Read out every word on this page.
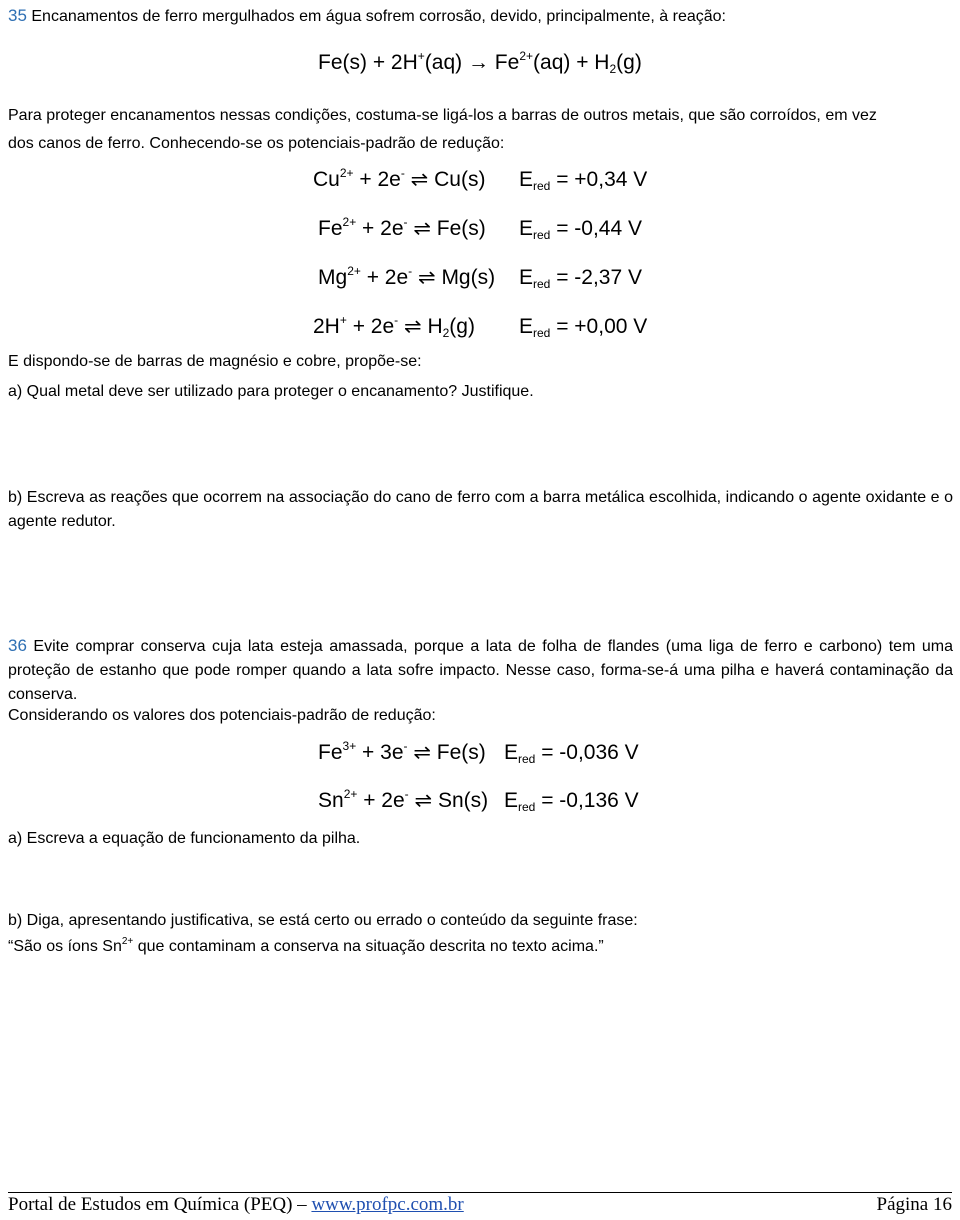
35 Encanamentos de ferro mergulhados em água sofrem corrosão, devido, principalmente, à reação:
$Fe(s) + 2H^+(aq) \to Fe^{2+}(aq) + H_2(g)$
Para proteger encanamentos nessas condições, costuma-se ligá-los a barras de outros metais, que são corroídos, em vez
dos canos de ferro. Conhecendo-se os potenciais-padrão de redução:
$Cu^{2+} + 2e^-$ ⇌ Cu(s) $E_{red} = +0,34$ V
$Fe^{2+} + 2e^-$ ⇌ Fe(s) $E_{red} = -0,44$ V
$Mg^{2+} + 2e^-$ ⇌ Mg(s) $E_{red} = -2,37$ V
2H+ + 2e- ⇌ $H_2(g) E_{red} = +0,00$ V
E dispondo-se de barras de magnésio e cobre, propõe-se:
a) Qual metal deve ser utilizado para proteger o encanamento? Justifique.
b) Escreva as reações que ocorrem na associação do cano de ferro com a barra metálica escolhida, indicando o agente oxidante e o agente redutor.
36 Evite comprar conserva cuja lata esteja amassada, porque a lata de folha de flandes (uma liga de ferro e carbono) tem uma proteção de estanho que pode romper quando a lata sofre impacto. Nesse caso, forma-se-á uma pilha e haverá contaminação da conserva.
Considerando os valores dos potenciais-padrão de redução:
$Fe^{3+} + 3e^-$ ⇌ Fe(s) $E_{red} = -0,036$ V
$Sn^{2+} + 2e^-$ ⇌ Sn(s) $E_{red} = -0,136$ V
a) Escreva a equação de funcionamento da pilha.
b) Diga, apresentando justificativa, se está certo ou errado o conteúdo da seguinte frase:
“São os íons $Sn^{2+}$ que contaminam a conserva na situação descrita no texto acima.”
Portal de Estudos em Química (PEQ) – www.profpc.com.br	Página 16
